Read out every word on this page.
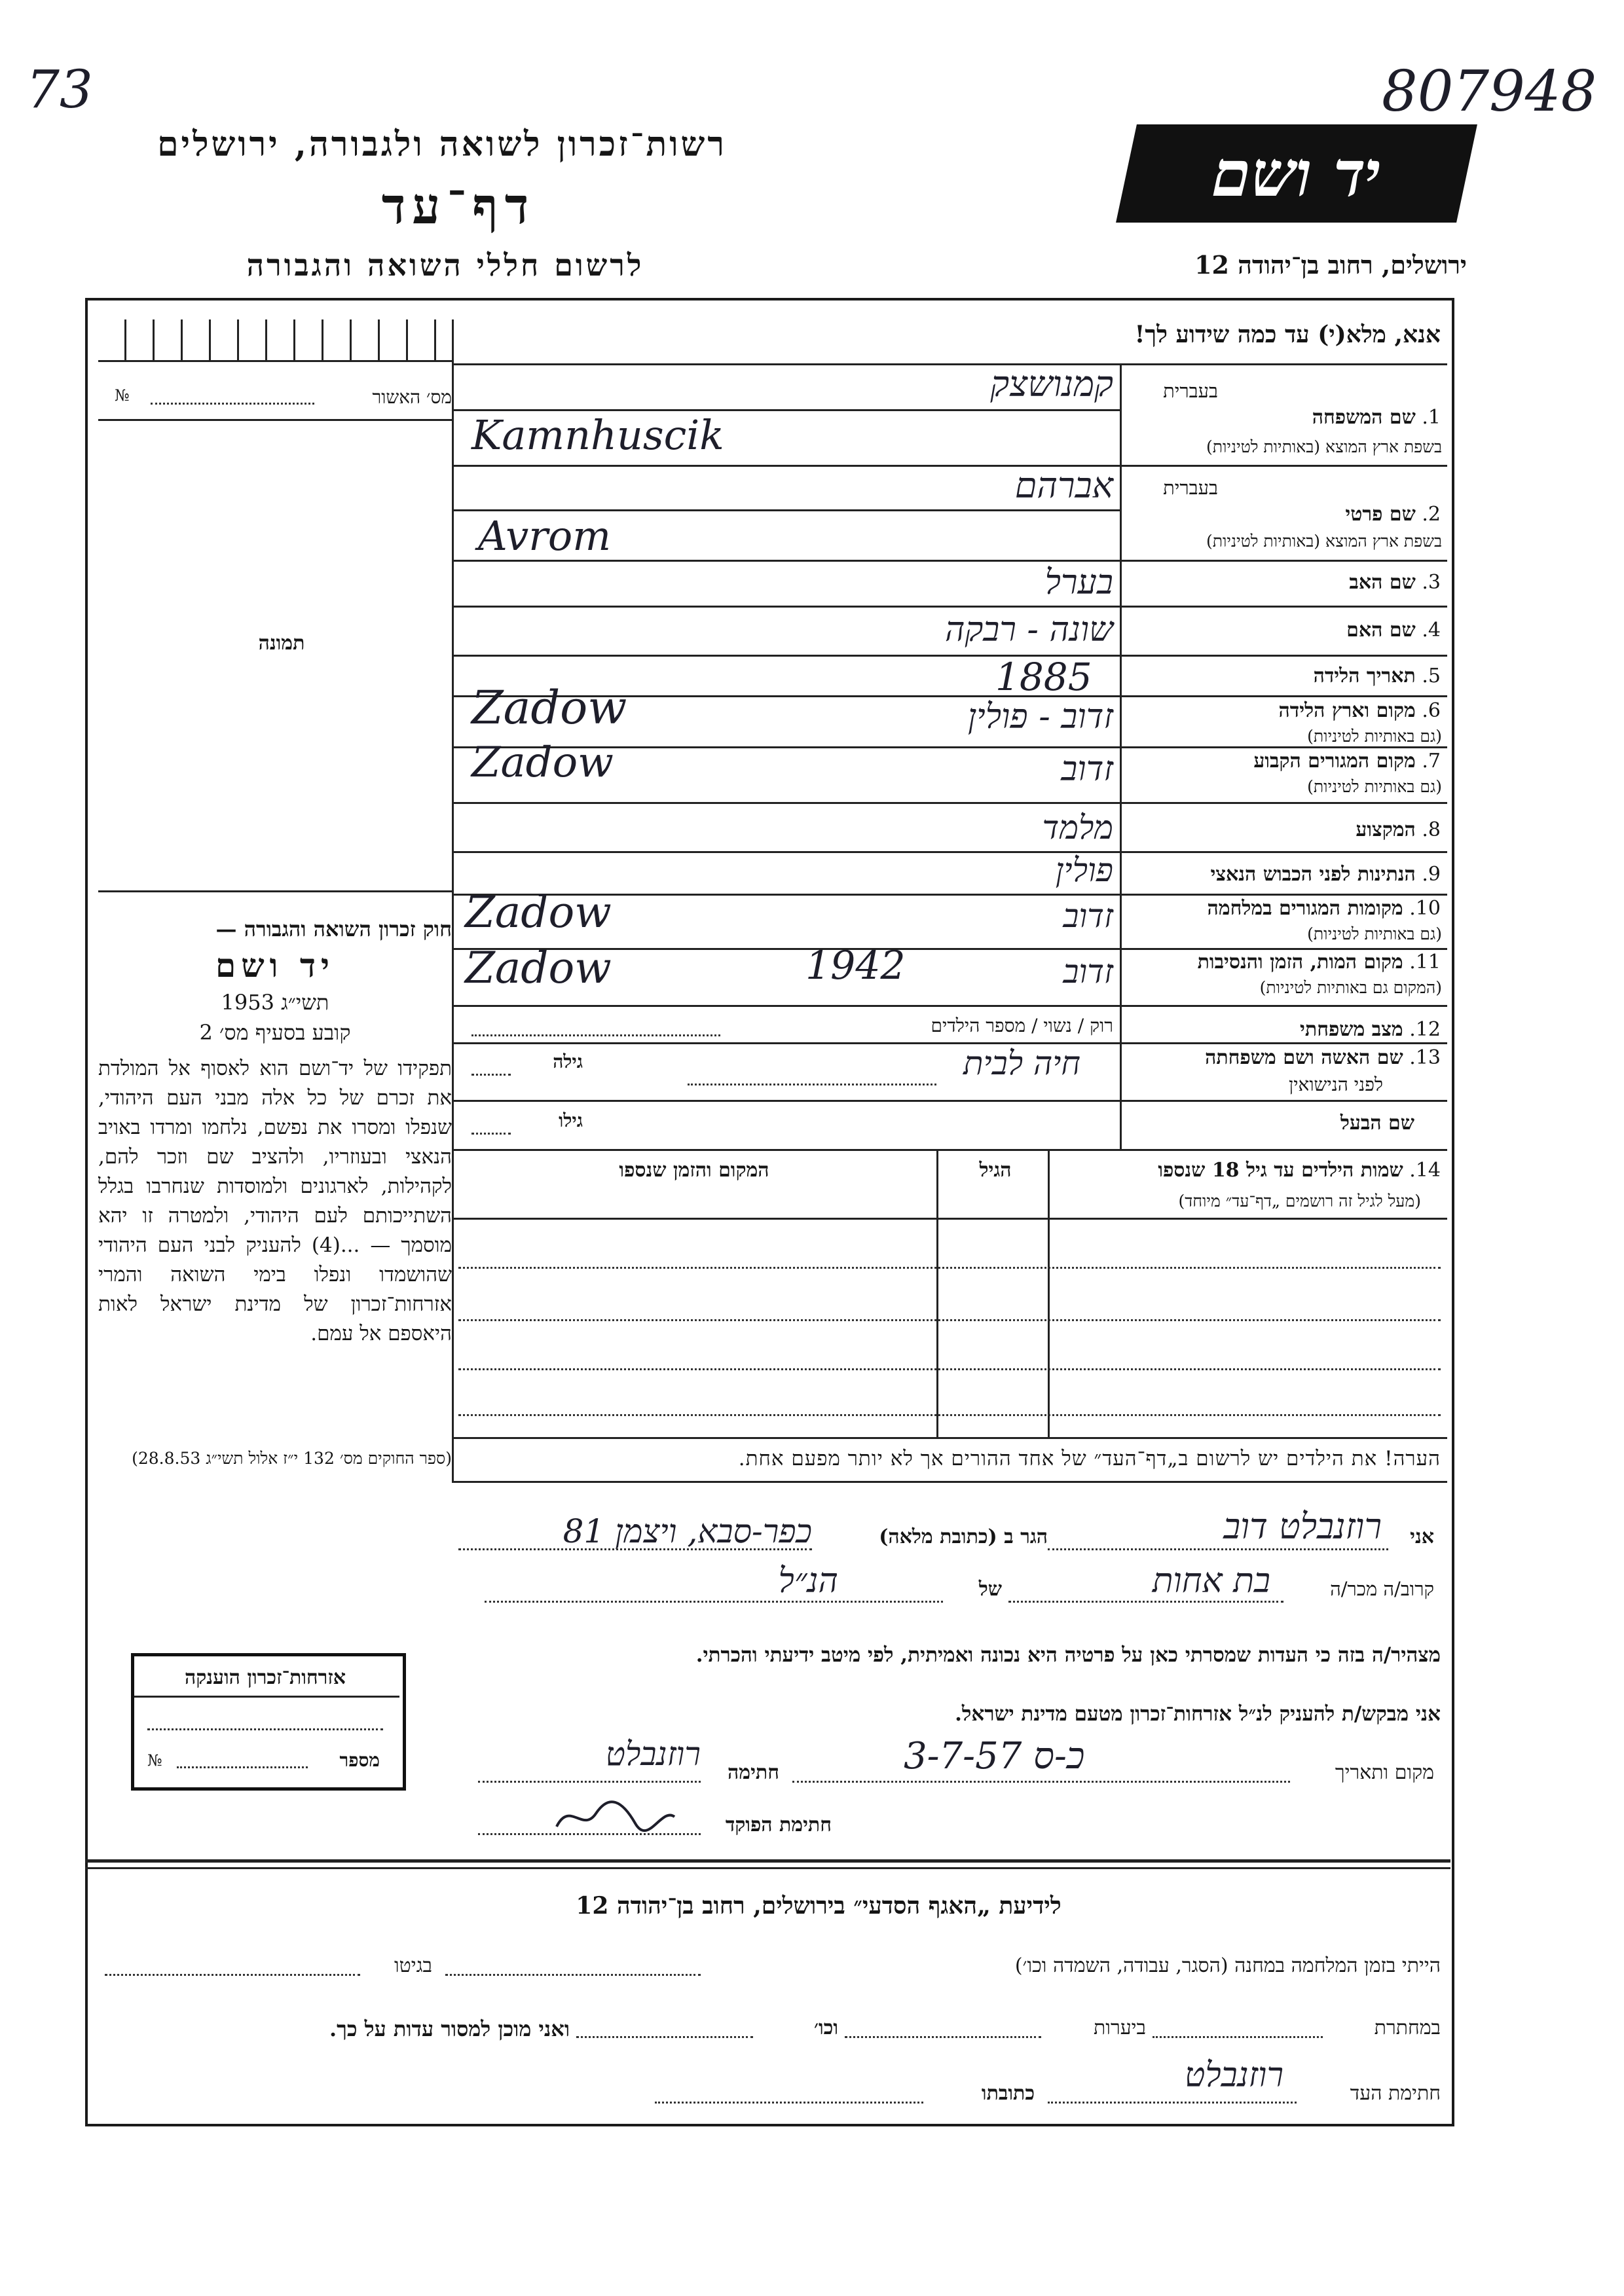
73	807948
רשות־זכרון לשואה ולגבורה, ירושלים
דף־עד
לרשום חללי השואה והגבורה
יד ושם
ירושלים, רחוב בן־יהודה 12
אנא, מלא(י) עד כמה שידוע לך!
מס׳ האשור
№
תמונה
חוק זכרון השואה והגבורה —
יד ושם
תשי״ג 1953
קובע בסעיף מס׳ 2
תפקידו של יד־ושם הוא לאסוף אל המולדת את זכרם של כל אלה מבני העם היהודי, שנפלו ומסרו את נפשם, נלחמו ומרדו באויב הנאצי ובעוזריו, ולהציב שם וזכר להם, לקהילות, לארגונים ולמוסדות שנחרבו בגלל השתייכותם לעם היהודי, ולמטרה זו יהא מוסמך — ...(4) להעניק לבני העם היהודי שהושמדו ונפלו בימי השואה והמרי אזרחות־זכרון של מדינת ישראל לאות היאספם אל עמם.
(ספר החוקים מס׳ 132 י״ז אלול תשי״ג 28.8.53)
בעברית
1. שם המשפחה
בשפת ארץ המוצא (באותיות לטיניות)
קמנושצק
Kamnhuscik
בעברית
2. שם פרטי
בשפת ארץ המוצא (באותיות לטיניות)
אברהם
Avrom
3. שם האב
בערל
4. שם האם
שונה - רבקה
5. תאריך הלידה
1885
6. מקום וארץ הלידה
(גם באותיות לטיניות)
זדוב - פולין
Zadow
7. מקום המגורים הקבוע
(גם באותיות לטיניות)
זדוב
Zadow
8. המקצוע
מלמד
9. הנתינות לפני הכבוש הנאצי
פולין
10. מקומות המגורים במלחמה
(גם באותיות לטיניות)
זדוב
Zadow
11. מקום המות, הזמן והנסיבות
(המקום גם באותיות לטיניות)
זדוב
1942
Zadow
12. מצב משפחתי
רוק / נשוי / מספר הילדים
13. שם האשה ושם משפחתה
לפני הנישואין
חיה לבית
גילה
שם הבעל
גילו
14. שמות הילדים עד גיל 18 שנספו
(מעל לגיל זה רושמים „דף־עד״ מיוחד)
הגיל
המקום והזמן שנספו
הערה! את הילדים יש לרשום ב„דף־העד״ של אחד ההורים אך לא יותר מפעם אחת.
אני
רוזנבלט דוב
הגר ב (כתובת מלאה)
כפר-סבא, ויצמן 81
קרוב/ה מכר/ה
בת אחות
של
הנ״ל
מצהיר/ה בזה כי העדות שמסרתי כאן על פרטיה היא נכונה ואמיתית, לפי מיטב ידיעתי והכרתי.
אני מבקש/ת להעניק לנ״ל אזרחות־זכרון מטעם מדינת ישראל.
מקום ותאריך
כ-ס 3-7-57
חתימה
רוזנבלט
חתימת הפוקד
אזרחות־זכרון הוענקה
מספר
№
לידיעת „האגף הסדעי״ בירושלים, רחוב בן־יהודה 12
הייתי בזמן המלחמה במחנה (הסגר, עבודה, השמדה וכו׳)
בגיטו
במחתרת
ביערות
וכו׳
ואני מוכן למסור עדות על כך.
חתימת העד
רוזנבלט
כתובתו
